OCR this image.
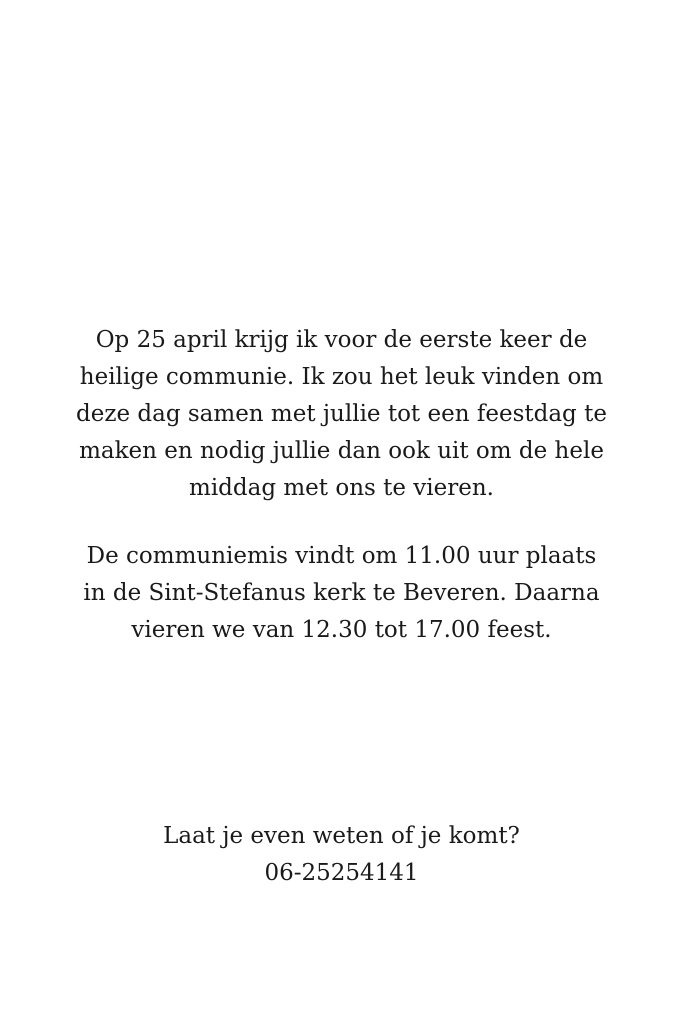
Op 25 april krijg ik voor de eerste keer de
heilige communie. Ik zou het leuk vinden om
deze dag samen met jullie tot een feestdag te
maken en nodig jullie dan ook uit om de hele
middag met ons te vieren.

De communiemis vindt om 11.00 uur plaats
in de Sint-Stefanus kerk te Beveren. Daarna
vieren we van 12.30 tot 17.00 feest.

Laat je even weten of je komt?
06-25254141
